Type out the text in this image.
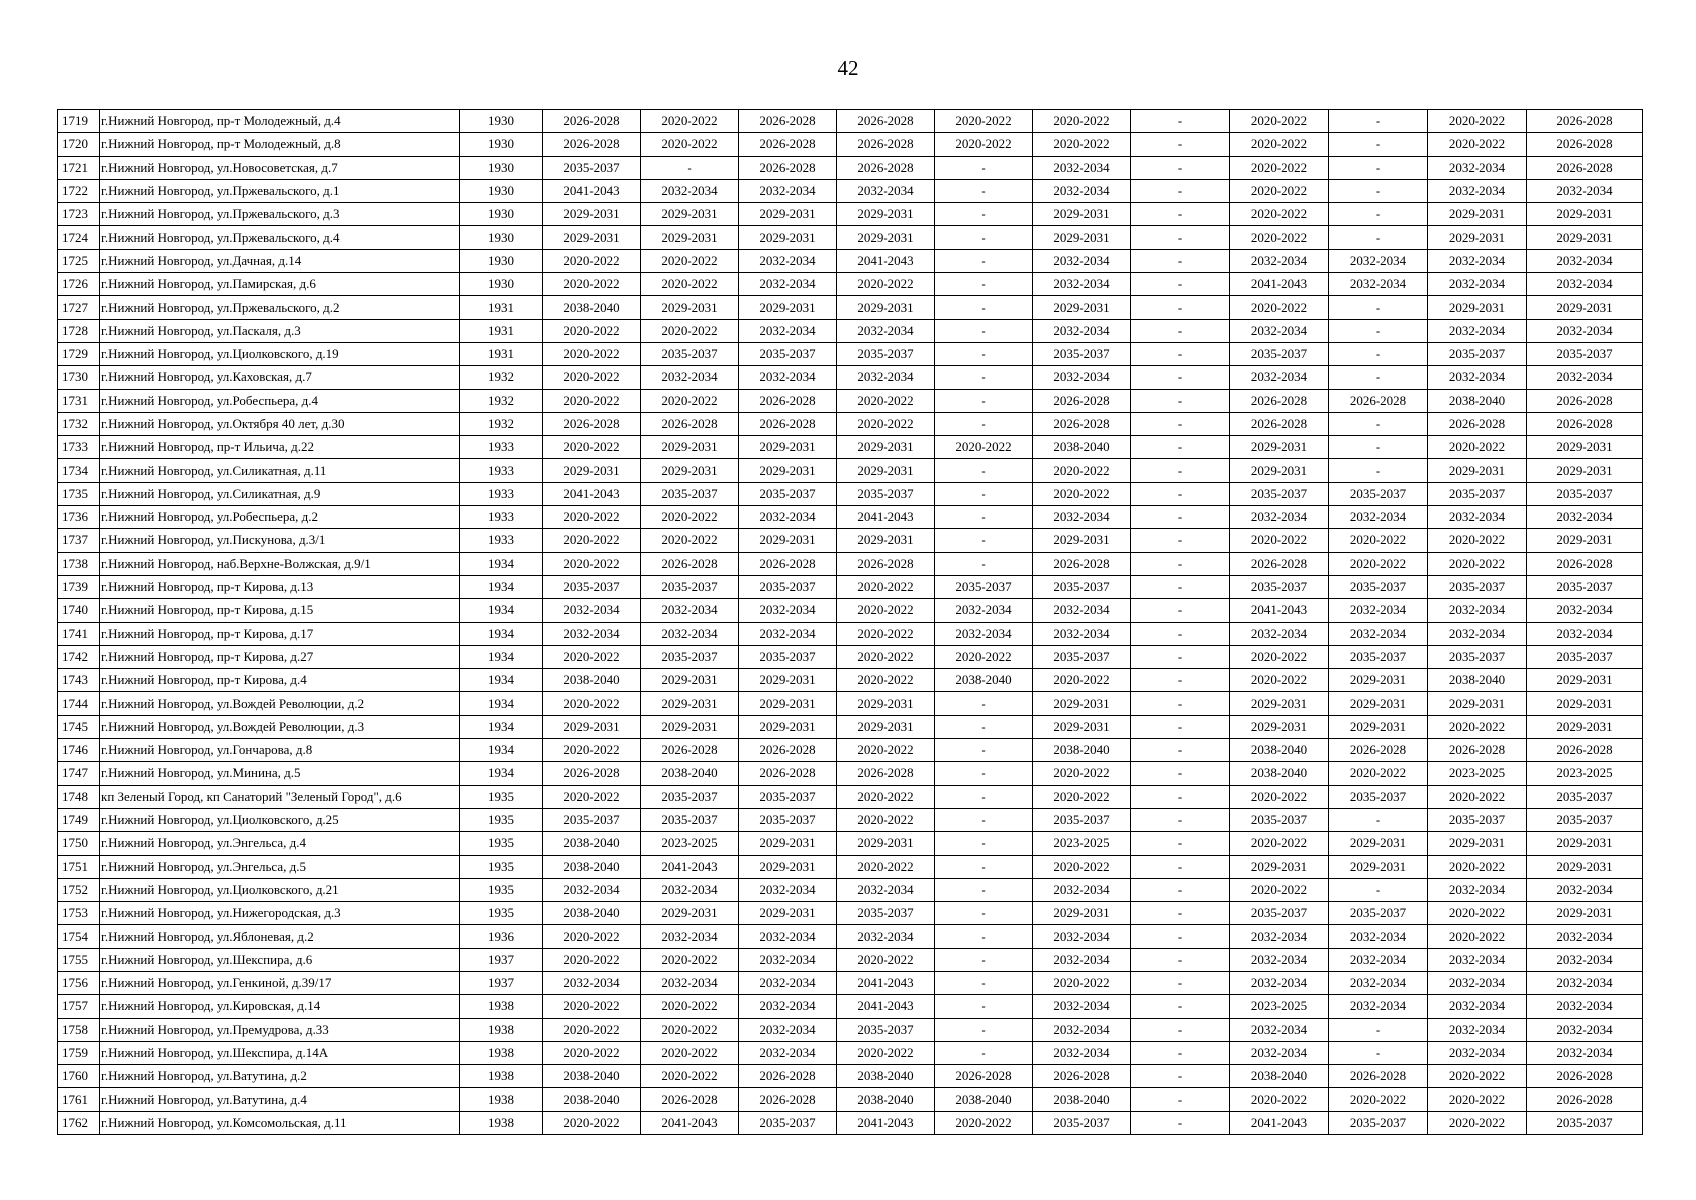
42
1719	г.Нижний Новгород, пр-т Молодежный, д.4	1930	2026-2028	2020-2022	2026-2028	2026-2028	2020-2022	2020-2022	-	2020-2022	-	2020-2022	2026-2028
1720	г.Нижний Новгород, пр-т Молодежный, д.8	1930	2026-2028	2020-2022	2026-2028	2026-2028	2020-2022	2020-2022	-	2020-2022	-	2020-2022	2026-2028
1721	г.Нижний Новгород, ул.Новосоветская, д.7	1930	2035-2037	-	2026-2028	2026-2028	-	2032-2034	-	2020-2022	-	2032-2034	2026-2028
1722	г.Нижний Новгород, ул.Пржевальского, д.1	1930	2041-2043	2032-2034	2032-2034	2032-2034	-	2032-2034	-	2020-2022	-	2032-2034	2032-2034
1723	г.Нижний Новгород, ул.Пржевальского, д.3	1930	2029-2031	2029-2031	2029-2031	2029-2031	-	2029-2031	-	2020-2022	-	2029-2031	2029-2031
1724	г.Нижний Новгород, ул.Пржевальского, д.4	1930	2029-2031	2029-2031	2029-2031	2029-2031	-	2029-2031	-	2020-2022	-	2029-2031	2029-2031
1725	г.Нижний Новгород, ул.Дачная, д.14	1930	2020-2022	2020-2022	2032-2034	2041-2043	-	2032-2034	-	2032-2034	2032-2034	2032-2034	2032-2034
1726	г.Нижний Новгород, ул.Памирская, д.6	1930	2020-2022	2020-2022	2032-2034	2020-2022	-	2032-2034	-	2041-2043	2032-2034	2032-2034	2032-2034
1727	г.Нижний Новгород, ул.Пржевальского, д.2	1931	2038-2040	2029-2031	2029-2031	2029-2031	-	2029-2031	-	2020-2022	-	2029-2031	2029-2031
1728	г.Нижний Новгород, ул.Паскаля, д.3	1931	2020-2022	2020-2022	2032-2034	2032-2034	-	2032-2034	-	2032-2034	-	2032-2034	2032-2034
1729	г.Нижний Новгород, ул.Циолковского, д.19	1931	2020-2022	2035-2037	2035-2037	2035-2037	-	2035-2037	-	2035-2037	-	2035-2037	2035-2037
1730	г.Нижний Новгород, ул.Каховская, д.7	1932	2020-2022	2032-2034	2032-2034	2032-2034	-	2032-2034	-	2032-2034	-	2032-2034	2032-2034
1731	г.Нижний Новгород, ул.Робеспьера, д.4	1932	2020-2022	2020-2022	2026-2028	2020-2022	-	2026-2028	-	2026-2028	2026-2028	2038-2040	2026-2028
1732	г.Нижний Новгород, ул.Октября 40 лет, д.30	1932	2026-2028	2026-2028	2026-2028	2020-2022	-	2026-2028	-	2026-2028	-	2026-2028	2026-2028
1733	г.Нижний Новгород, пр-т Ильича, д.22	1933	2020-2022	2029-2031	2029-2031	2029-2031	2020-2022	2038-2040	-	2029-2031	-	2020-2022	2029-2031
1734	г.Нижний Новгород, ул.Силикатная, д.11	1933	2029-2031	2029-2031	2029-2031	2029-2031	-	2020-2022	-	2029-2031	-	2029-2031	2029-2031
1735	г.Нижний Новгород, ул.Силикатная, д.9	1933	2041-2043	2035-2037	2035-2037	2035-2037	-	2020-2022	-	2035-2037	2035-2037	2035-2037	2035-2037
1736	г.Нижний Новгород, ул.Робеспьера, д.2	1933	2020-2022	2020-2022	2032-2034	2041-2043	-	2032-2034	-	2032-2034	2032-2034	2032-2034	2032-2034
1737	г.Нижний Новгород, ул.Пискунова, д.3/1	1933	2020-2022	2020-2022	2029-2031	2029-2031	-	2029-2031	-	2020-2022	2020-2022	2020-2022	2029-2031
1738	г.Нижний Новгород, наб.Верхне-Волжская, д.9/1	1934	2020-2022	2026-2028	2026-2028	2026-2028	-	2026-2028	-	2026-2028	2020-2022	2020-2022	2026-2028
1739	г.Нижний Новгород, пр-т Кирова, д.13	1934	2035-2037	2035-2037	2035-2037	2020-2022	2035-2037	2035-2037	-	2035-2037	2035-2037	2035-2037	2035-2037
1740	г.Нижний Новгород, пр-т Кирова, д.15	1934	2032-2034	2032-2034	2032-2034	2020-2022	2032-2034	2032-2034	-	2041-2043	2032-2034	2032-2034	2032-2034
1741	г.Нижний Новгород, пр-т Кирова, д.17	1934	2032-2034	2032-2034	2032-2034	2020-2022	2032-2034	2032-2034	-	2032-2034	2032-2034	2032-2034	2032-2034
1742	г.Нижний Новгород, пр-т Кирова, д.27	1934	2020-2022	2035-2037	2035-2037	2020-2022	2020-2022	2035-2037	-	2020-2022	2035-2037	2035-2037	2035-2037
1743	г.Нижний Новгород, пр-т Кирова, д.4	1934	2038-2040	2029-2031	2029-2031	2020-2022	2038-2040	2020-2022	-	2020-2022	2029-2031	2038-2040	2029-2031
1744	г.Нижний Новгород, ул.Вождей Революции, д.2	1934	2020-2022	2029-2031	2029-2031	2029-2031	-	2029-2031	-	2029-2031	2029-2031	2029-2031	2029-2031
1745	г.Нижний Новгород, ул.Вождей Революции, д.3	1934	2029-2031	2029-2031	2029-2031	2029-2031	-	2029-2031	-	2029-2031	2029-2031	2020-2022	2029-2031
1746	г.Нижний Новгород, ул.Гончарова, д.8	1934	2020-2022	2026-2028	2026-2028	2020-2022	-	2038-2040	-	2038-2040	2026-2028	2026-2028	2026-2028
1747	г.Нижний Новгород, ул.Минина, д.5	1934	2026-2028	2038-2040	2026-2028	2026-2028	-	2020-2022	-	2038-2040	2020-2022	2023-2025	2023-2025
1748	кп Зеленый Город, кп Санаторий "Зеленый Город", д.6	1935	2020-2022	2035-2037	2035-2037	2020-2022	-	2020-2022	-	2020-2022	2035-2037	2020-2022	2035-2037
1749	г.Нижний Новгород, ул.Циолковского, д.25	1935	2035-2037	2035-2037	2035-2037	2020-2022	-	2035-2037	-	2035-2037	-	2035-2037	2035-2037
1750	г.Нижний Новгород, ул.Энгельса, д.4	1935	2038-2040	2023-2025	2029-2031	2029-2031	-	2023-2025	-	2020-2022	2029-2031	2029-2031	2029-2031
1751	г.Нижний Новгород, ул.Энгельса, д.5	1935	2038-2040	2041-2043	2029-2031	2020-2022	-	2020-2022	-	2029-2031	2029-2031	2020-2022	2029-2031
1752	г.Нижний Новгород, ул.Циолковского, д.21	1935	2032-2034	2032-2034	2032-2034	2032-2034	-	2032-2034	-	2020-2022	-	2032-2034	2032-2034
1753	г.Нижний Новгород, ул.Нижегородская, д.3	1935	2038-2040	2029-2031	2029-2031	2035-2037	-	2029-2031	-	2035-2037	2035-2037	2020-2022	2029-2031
1754	г.Нижний Новгород, ул.Яблоневая, д.2	1936	2020-2022	2032-2034	2032-2034	2032-2034	-	2032-2034	-	2032-2034	2032-2034	2020-2022	2032-2034
1755	г.Нижний Новгород, ул.Шекспира, д.6	1937	2020-2022	2020-2022	2032-2034	2020-2022	-	2032-2034	-	2032-2034	2032-2034	2032-2034	2032-2034
1756	г.Нижний Новгород, ул.Генкиной, д.39/17	1937	2032-2034	2032-2034	2032-2034	2041-2043	-	2020-2022	-	2032-2034	2032-2034	2032-2034	2032-2034
1757	г.Нижний Новгород, ул.Кировская, д.14	1938	2020-2022	2020-2022	2032-2034	2041-2043	-	2032-2034	-	2023-2025	2032-2034	2032-2034	2032-2034
1758	г.Нижний Новгород, ул.Премудрова, д.33	1938	2020-2022	2020-2022	2032-2034	2035-2037	-	2032-2034	-	2032-2034	-	2032-2034	2032-2034
1759	г.Нижний Новгород, ул.Шекспира, д.14А	1938	2020-2022	2020-2022	2032-2034	2020-2022	-	2032-2034	-	2032-2034	-	2032-2034	2032-2034
1760	г.Нижний Новгород, ул.Ватутина, д.2	1938	2038-2040	2020-2022	2026-2028	2038-2040	2026-2028	2026-2028	-	2038-2040	2026-2028	2020-2022	2026-2028
1761	г.Нижний Новгород, ул.Ватутина, д.4	1938	2038-2040	2026-2028	2026-2028	2038-2040	2038-2040	2038-2040	-	2020-2022	2020-2022	2020-2022	2026-2028
1762	г.Нижний Новгород, ул.Комсомольская, д.11	1938	2020-2022	2041-2043	2035-2037	2041-2043	2020-2022	2035-2037	-	2041-2043	2035-2037	2020-2022	2035-2037
